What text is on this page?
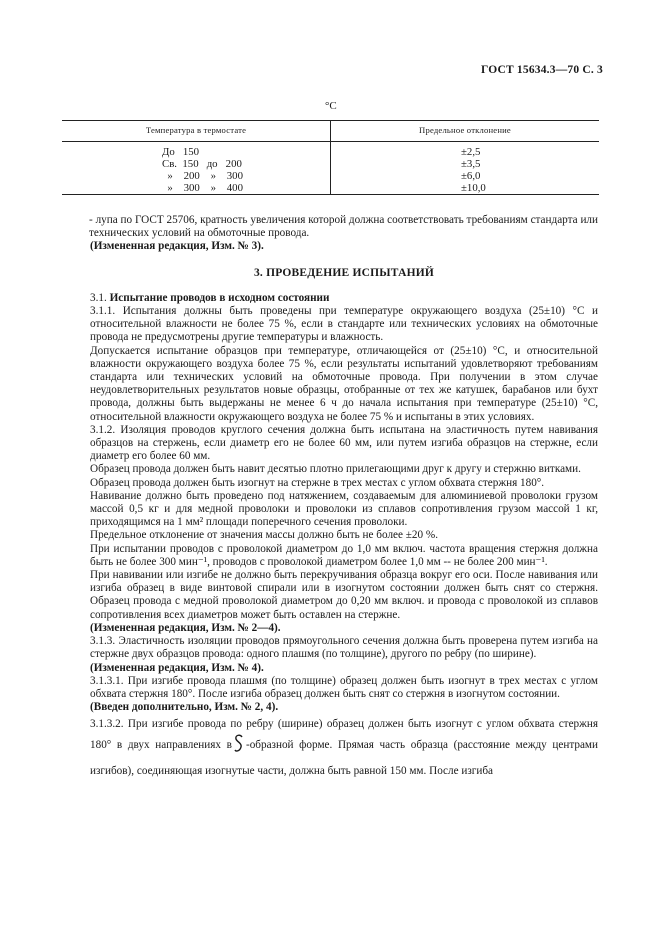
ГОСТ 15634.3—70 С. 3
°С
Температура в термостате	Предельное отклонение
До   150
Св.  150   до   200
»    200    »    300
»    300    »    400
±2,5
±3,5
±6,0
±10,0

- лупа по ГОСТ 25706, кратность увеличения которой должна соответствовать требованиям стандарта или технических условий на обмоточные провода.

(Измененная редакция, Изм. № 3).

3. ПРОВЕДЕНИЕ ИСПЫТАНИЙ

3.1. Испытание проводов в исходном состоянии

3.1.1. Испытания должны быть проведены при температуре окружающего воздуха (25±10) °С и относительной влажности не более 75 %, если в стандарте или технических условиях на обмоточные провода не предусмотрены другие температуры и влажность.

Допускается испытание образцов при температуре, отличающейся от (25±10) °С, и относительной влажности окружающего воздуха более 75 %, если результаты испытаний удовлетворяют требованиям стандарта или технических условий на обмоточные провода. При получении в этом случае неудовлетворительных результатов новые образцы, отобранные от тех же катушек, барабанов или бухт провода, должны быть выдержаны не менее 6 ч до начала испытания при температуре (25±10) °С, относительной влажности окружающего воздуха не более 75 % и испытаны в этих условиях.

3.1.2. Изоляция проводов круглого сечения должна быть испытана на эластичность путем навивания образцов на стержень, если диаметр его не более 60 мм, или путем изгиба образцов на стержне, если диаметр его более 60 мм.

Образец провода должен быть навит десятью плотно прилегающими друг к другу и стержню витками.

Образец провода должен быть изогнут на стержне в трех местах с углом обхвата стержня 180°.

Навивание должно быть проведено под натяжением, создаваемым для алюминиевой проволоки грузом массой 0,5 кг и для медной проволоки и проволоки из сплавов сопротивления грузом массой 1 кг, приходящимся на 1 мм² площади поперечного сечения проволоки.

Предельное отклонение от значения массы должно быть не более ±20 %.

При испытании проводов с проволокой диаметром до 1,0 мм включ. частота вращения стержня должна быть не более 300 мин⁻¹, проводов с проволокой диаметром более 1,0 мм -- не более 200 мин⁻¹.

При навивании или изгибе не должно быть перекручивания образца вокруг его оси. После навивания или изгиба образец в виде винтовой спирали или в изогнутом состоянии должен быть снят со стержня. Образец провода с медной проволокой диаметром до 0,20 мм включ. и провода с проволокой из сплавов сопротивления всех диаметров может быть оставлен на стержне.

(Измененная редакция, Изм. № 2—4).

3.1.3. Эластичность изоляции проводов прямоугольного сечения должна быть проверена путем изгиба на стержне двух образцов провода: одного плашмя (по толщине), другого по ребру (по ширине).

(Измененная редакция, Изм. № 4).

3.1.3.1. При изгибе провода плашмя (по толщине) образец должен быть изогнут в трех местах с углом обхвата стержня 180°. После изгиба образец должен быть снят со стержня в изогнутом состоянии.

(Введен дополнительно, Изм. № 2, 4).

3.1.3.2. При изгибе провода по ребру (ширине) образец должен быть изогнут с углом обхвата стержня 180° в двух направлениях в -образной форме. Прямая часть образца (расстояние между центрами изгибов), соединяющая изогнутые части, должна быть равной 150 мм. После изгиба
